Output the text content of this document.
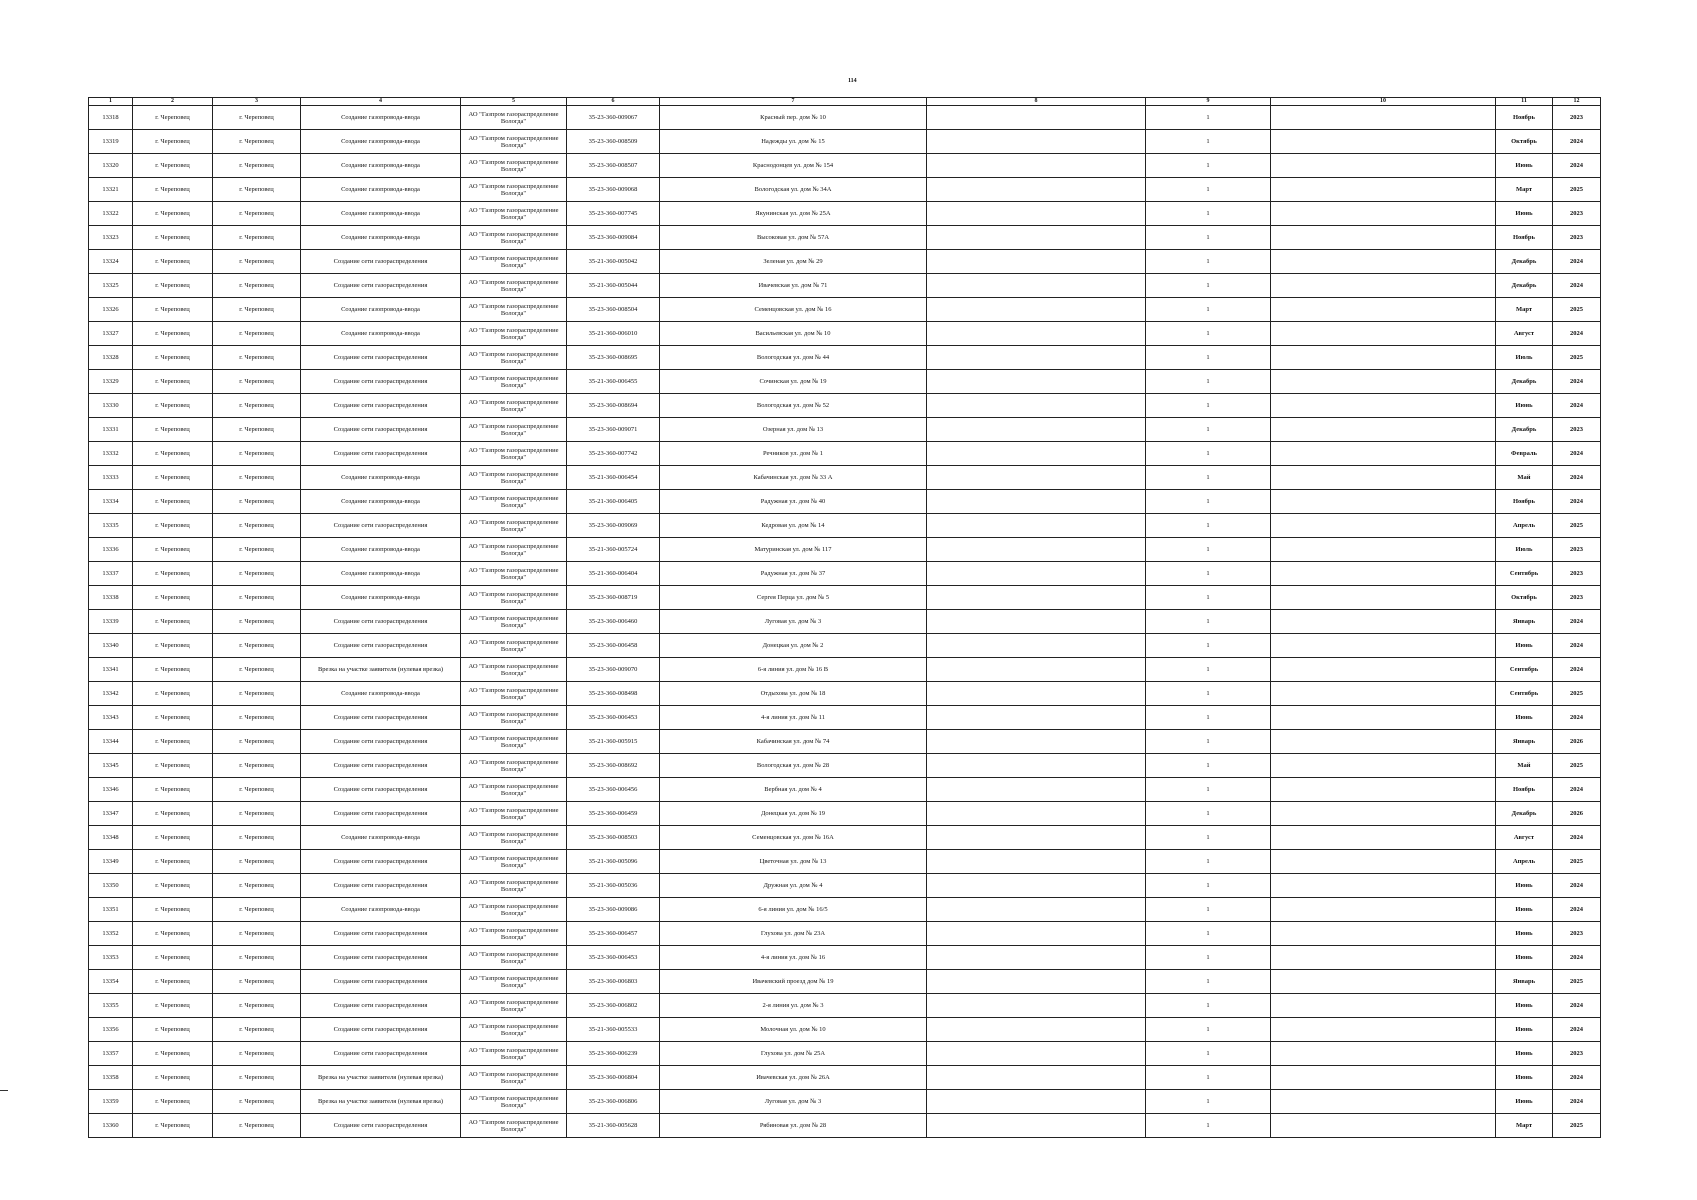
114
1	2	3	4	5	6	7	8	9	10	11	12
13318	г. Череповец	г. Череповец	Создание газопровода-ввода	АО "Газпром газораспределение Вологда"	35-23-360-009067	Красный пер. дом № 10		1		Ноябрь	2023
13319	г. Череповец	г. Череповец	Создание газопровода-ввода	АО "Газпром газораспределение Вологда"	35-23-360-008509	Надежды ул. дом № 15		1		Октябрь	2024
13320	г. Череповец	г. Череповец	Создание газопровода-ввода	АО "Газпром газораспределение Вологда"	35-23-360-008507	Краснодонцев ул. дом № 154		1		Июнь	2024
13321	г. Череповец	г. Череповец	Создание газопровода-ввода	АО "Газпром газораспределение Вологда"	35-23-360-009068	Вологодская ул. дом № 34А		1		Март	2025
13322	г. Череповец	г. Череповец	Создание газопровода-ввода	АО "Газпром газораспределение Вологда"	35-23-360-007745	Якунинская ул. дом № 25А		1		Июнь	2023
13323	г. Череповец	г. Череповец	Создание газопровода-ввода	АО "Газпром газораспределение Вологда"	35-23-360-009084	Высоковая ул. дом № 57А		1		Ноябрь	2023
13324	г. Череповец	г. Череповец	Создание сети газораспределения	АО "Газпром газораспределение Вологда"	35-21-360-005042	Зеленая ул. дом № 29		1		Декабрь	2024
13325	г. Череповец	г. Череповец	Создание сети газораспределения	АО "Газпром газораспределение Вологда"	35-21-360-005044	Ивачевская ул. дом № 71		1		Декабрь	2024
13326	г. Череповец	г. Череповец	Создание газопровода-ввода	АО "Газпром газораспределение Вологда"	35-23-360-008504	Семенцовская ул. дом № 16		1		Март	2025
13327	г. Череповец	г. Череповец	Создание газопровода-ввода	АО "Газпром газораспределение Вологда"	35-21-360-006010	Васильевская ул. дом № 10		1		Август	2024
13328	г. Череповец	г. Череповец	Создание сети газораспределения	АО "Газпром газораспределение Вологда"	35-23-360-008695	Вологодская ул. дом № 44		1		Июль	2025
13329	г. Череповец	г. Череповец	Создание сети газораспределения	АО "Газпром газораспределение Вологда"	35-21-360-006455	Сочинская ул. дом № 19		1		Декабрь	2024
13330	г. Череповец	г. Череповец	Создание сети газораспределения	АО "Газпром газораспределение Вологда"	35-23-360-008694	Вологодская ул. дом № 52		1		Июнь	2024
13331	г. Череповец	г. Череповец	Создание сети газораспределения	АО "Газпром газораспределение Вологда"	35-23-360-009071	Озерная ул. дом № 13		1		Декабрь	2023
13332	г. Череповец	г. Череповец	Создание сети газораспределения	АО "Газпром газораспределение Вологда"	35-23-360-007742	Речников ул. дом № 1		1		Февраль	2024
13333	г. Череповец	г. Череповец	Создание газопровода-ввода	АО "Газпром газораспределение Вологда"	35-21-360-006454	Кабачинская ул. дом № 33 А		1		Май	2024
13334	г. Череповец	г. Череповец	Создание газопровода-ввода	АО "Газпром газораспределение Вологда"	35-21-360-006405	Радужная ул. дом № 40		1		Ноябрь	2024
13335	г. Череповец	г. Череповец	Создание сети газораспределения	АО "Газпром газораспределение Вологда"	35-23-360-009069	Кедровая ул. дом № 14		1		Апрель	2025
13336	г. Череповец	г. Череповец	Создание газопровода-ввода	АО "Газпром газораспределение Вологда"	35-21-360-005724	Матуринская ул. дом № 117		1		Июль	2023
13337	г. Череповец	г. Череповец	Создание газопровода-ввода	АО "Газпром газораспределение Вологда"	35-21-360-006404	Радужная ул. дом № 37		1		Сентябрь	2023
13338	г. Череповец	г. Череповец	Создание газопровода-ввода	АО "Газпром газораспределение Вологда"	35-23-360-008719	Сергея Перца ул. дом № 5		1		Октябрь	2023
13339	г. Череповец	г. Череповец	Создание сети газораспределения	АО "Газпром газораспределение Вологда"	35-23-360-006460	Луговая ул. дом № 3		1		Январь	2024
13340	г. Череповец	г. Череповец	Создание сети газораспределения	АО "Газпром газораспределение Вологда"	35-23-360-006458	Донецкая ул. дом № 2		1		Июнь	2024
13341	г. Череповец	г. Череповец	Врезка на участке заявителя (нулевая врезка)	АО "Газпром газораспределение Вологда"	35-23-360-009070	6-я линия ул. дом № 16 В		1		Сентябрь	2024
13342	г. Череповец	г. Череповец	Создание газопровода-ввода	АО "Газпром газораспределение Вологда"	35-23-360-008498	Отдыхова ул. дом № 18		1		Сентябрь	2025
13343	г. Череповец	г. Череповец	Создание сети газораспределения	АО "Газпром газораспределение Вологда"	35-23-360-006453	4-я линия ул. дом № 11		1		Июнь	2024
13344	г. Череповец	г. Череповец	Создание сети газораспределения	АО "Газпром газораспределение Вологда"	35-21-360-005915	Кабачинская ул. дом № 74		1		Январь	2026
13345	г. Череповец	г. Череповец	Создание сети газораспределения	АО "Газпром газораспределение Вологда"	35-23-360-008692	Вологодская ул. дом № 28		1		Май	2025
13346	г. Череповец	г. Череповец	Создание сети газораспределения	АО "Газпром газораспределение Вологда"	35-23-360-006456	Вербная ул. дом № 4		1		Ноябрь	2024
13347	г. Череповец	г. Череповец	Создание сети газораспределения	АО "Газпром газораспределение Вологда"	35-23-360-006459	Донецкая ул. дом № 19		1		Декабрь	2026
13348	г. Череповец	г. Череповец	Создание газопровода-ввода	АО "Газпром газораспределение Вологда"	35-23-360-008503	Семенцовская ул. дом № 16А		1		Август	2024
13349	г. Череповец	г. Череповец	Создание сети газораспределения	АО "Газпром газораспределение Вологда"	35-21-360-005096	Цветочная ул. дом № 13		1		Апрель	2025
13350	г. Череповец	г. Череповец	Создание сети газораспределения	АО "Газпром газораспределение Вологда"	35-21-360-005036	Дружная ул. дом № 4		1		Июнь	2024
13351	г. Череповец	г. Череповец	Создание газопровода-ввода	АО "Газпром газораспределение Вологда"	35-23-360-009086	6-я линия ул. дом № 16/5		1		Июнь	2024
13352	г. Череповец	г. Череповец	Создание сети газораспределения	АО "Газпром газораспределение Вологда"	35-23-360-006457	Глухова ул. дом № 23А		1		Июнь	2023
13353	г. Череповец	г. Череповец	Создание сети газораспределения	АО "Газпром газораспределение Вологда"	35-23-360-006453	4-я линия ул. дом № 16		1		Июнь	2024
13354	г. Череповец	г. Череповец	Создание сети газораспределения	АО "Газпром газораспределение Вологда"	35-23-360-006803	Ивачевский проезд дом № 19		1		Январь	2025
13355	г. Череповец	г. Череповец	Создание сети газораспределения	АО "Газпром газораспределение Вологда"	35-23-360-006802	2-я линия ул. дом № 3		1		Июнь	2024
13356	г. Череповец	г. Череповец	Создание сети газораспределения	АО "Газпром газораспределение Вологда"	35-21-360-005533	Молочная ул. дом № 10		1		Июнь	2024
13357	г. Череповец	г. Череповец	Создание сети газораспределения	АО "Газпром газораспределение Вологда"	35-23-360-006239	Глухова ул. дом № 25А		1		Июнь	2023
13358	г. Череповец	г. Череповец	Врезка на участке заявителя (нулевая врезка)	АО "Газпром газораспределение Вологда"	35-23-360-006804	Ивачевская ул. дом № 26А		1		Июнь	2024
13359	г. Череповец	г. Череповец	Врезка на участке заявителя (нулевая врезка)	АО "Газпром газораспределение Вологда"	35-23-360-006806	Луговая ул. дом № 3		1		Июнь	2024
13360	г. Череповец	г. Череповец	Создание сети газораспределения	АО "Газпром газораспределение Вологда"	35-21-360-005628	Рябиновая ул. дом № 28		1		Март	2025
